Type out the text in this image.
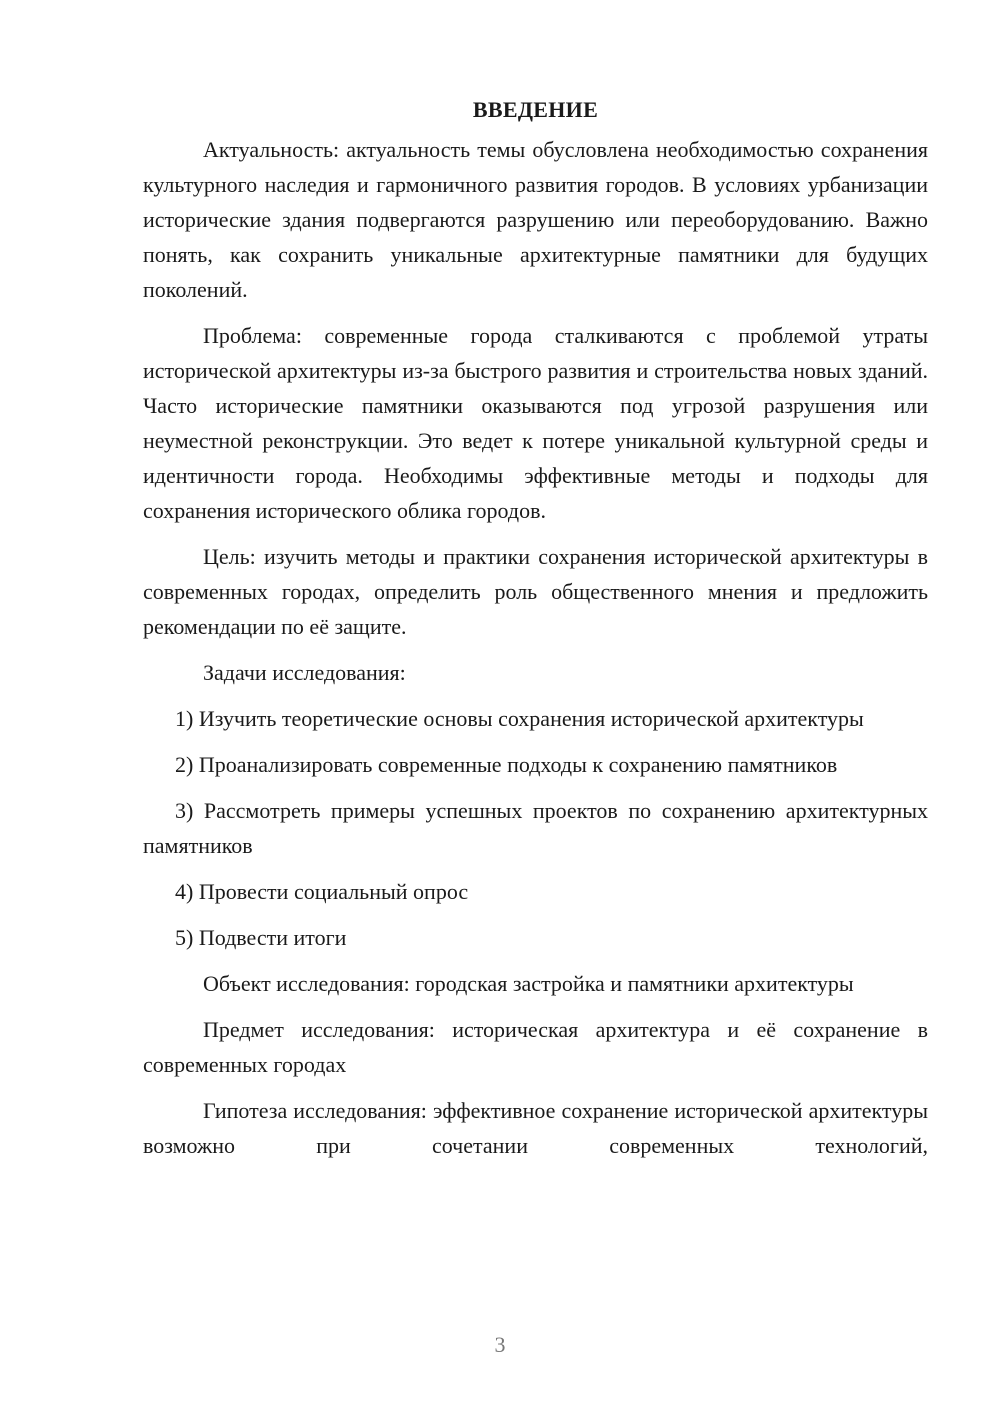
ВВЕДЕНИЕ

Актуальность: актуальность темы обусловлена необходимостью сохранения культурного наследия и гармоничного развития городов. В условиях урбанизации исторические здания подвергаются разрушению или переоборудованию. Важно понять, как сохранить уникальные архитектурные памятники для будущих поколений.

Проблема: современные города сталкиваются с проблемой утраты исторической архитектуры из-за быстрого развития и строительства новых зданий. Часто исторические памятники оказываются под угрозой разрушения или неуместной реконструкции. Это ведет к потере уникальной культурной среды и идентичности города. Необходимы эффективные методы и подходы для сохранения исторического облика городов.

Цель: изучить методы и практики сохранения исторической архитектуры в современных городах, определить роль общественного мнения и предложить рекомендации по её защите.

Задачи исследования:

1) Изучить теоретические основы сохранения исторической архитектуры

2) Проанализировать современные подходы к сохранению памятников

3) Рассмотреть примеры успешных проектов по сохранению архитектурных памятников

4) Провести социальный опрос

5) Подвести итоги

Объект исследования: городская застройка и памятники архитектуры

Предмет исследования: историческая архитектура и её сохранение в современных городах

Гипотеза исследования: эффективное сохранение исторической архитектуры возможно при сочетании современных технологий,

3
